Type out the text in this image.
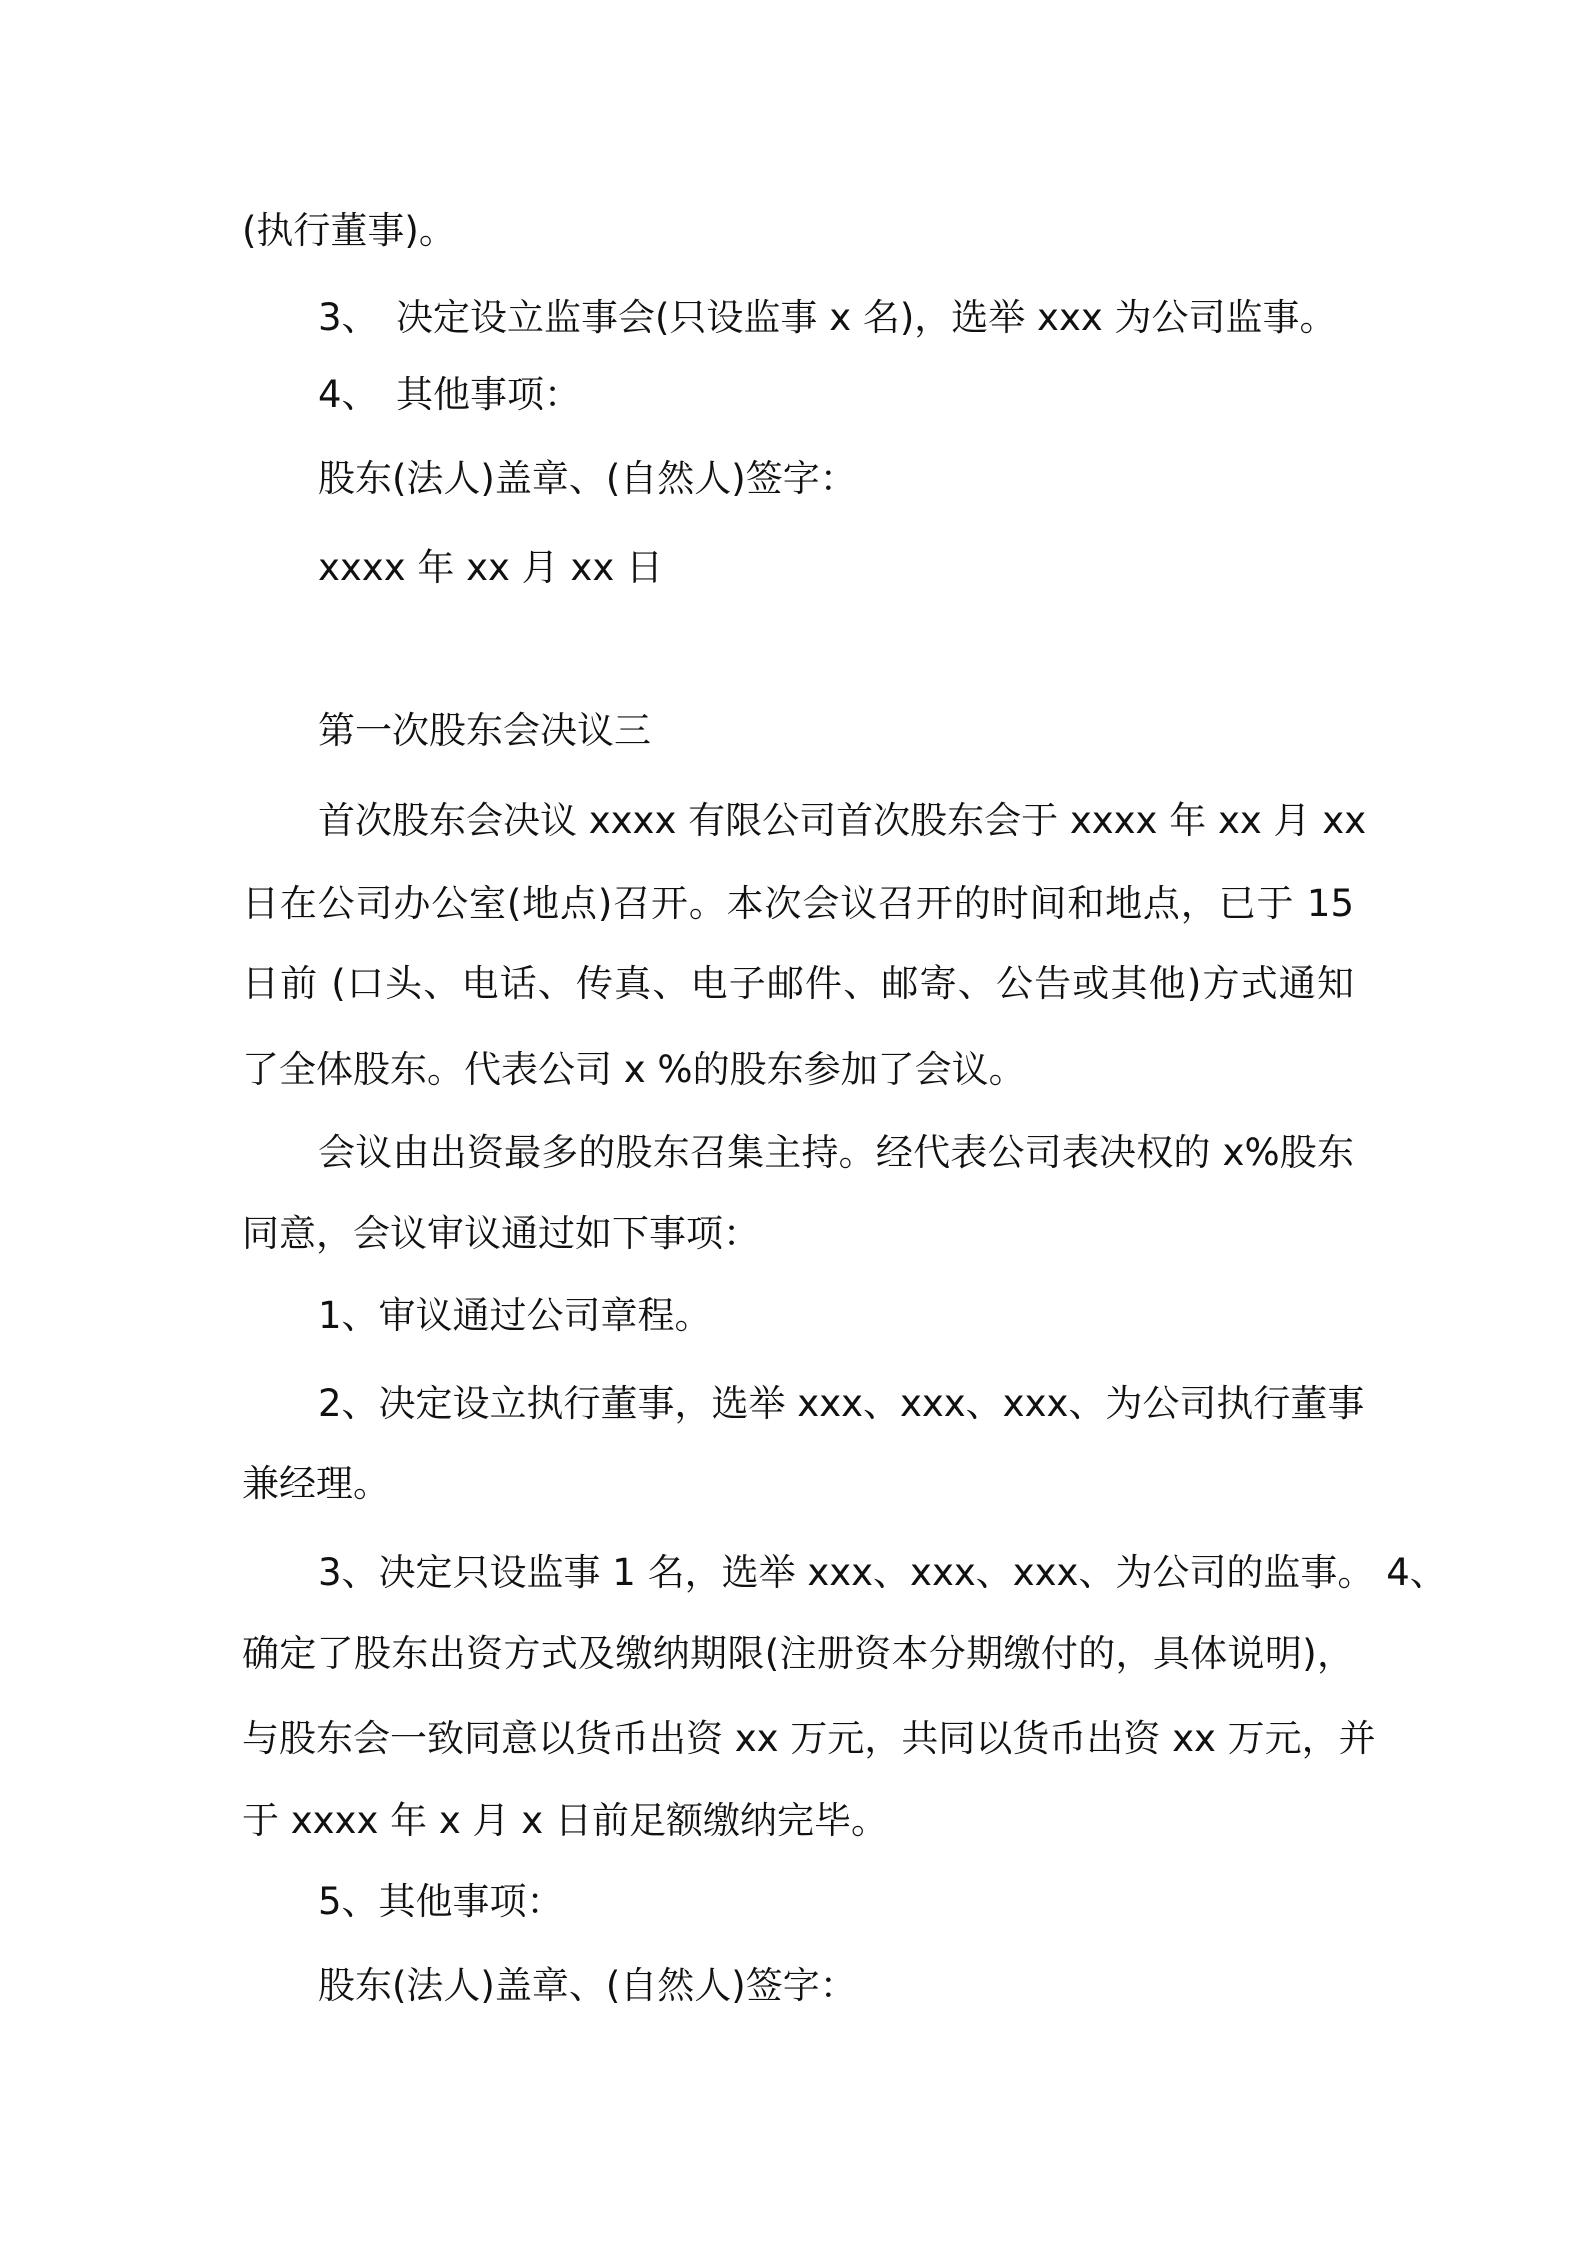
(执行董事)。

3、 决定设立监事会(只设监事 x 名)，选举 xxx 为公司监事。

4、 其他事项：

股东(法人)盖章、(自然人)签字：

xxxx 年 xx 月 xx 日

第一次股东会决议三

首次股东会决议 xxxx 有限公司首次股东会于 xxxx 年 xx 月 xx

日在公司办公室(地点)召开。本次会议召开的时间和地点，已于 15

日前 (口头、电话、传真、电子邮件、邮寄、公告或其他)方式通知

了全体股东。代表公司 x %的股东参加了会议。

会议由出资最多的股东召集主持。经代表公司表决权的 x%股东

同意，会议审议通过如下事项：

1、审议通过公司章程。

2、决定设立执行董事，选举 xxx、xxx、xxx、为公司执行董事

兼经理。

3、决定只设监事 1 名，选举 xxx、xxx、xxx、为公司的监事。 4、

确定了股东出资方式及缴纳期限(注册资本分期缴付的，具体说明)，

与股东会一致同意以货币出资 xx 万元，共同以货币出资 xx 万元，并

于 xxxx 年 x 月 x 日前足额缴纳完毕。

5、其他事项：

股东(法人)盖章、(自然人)签字：
